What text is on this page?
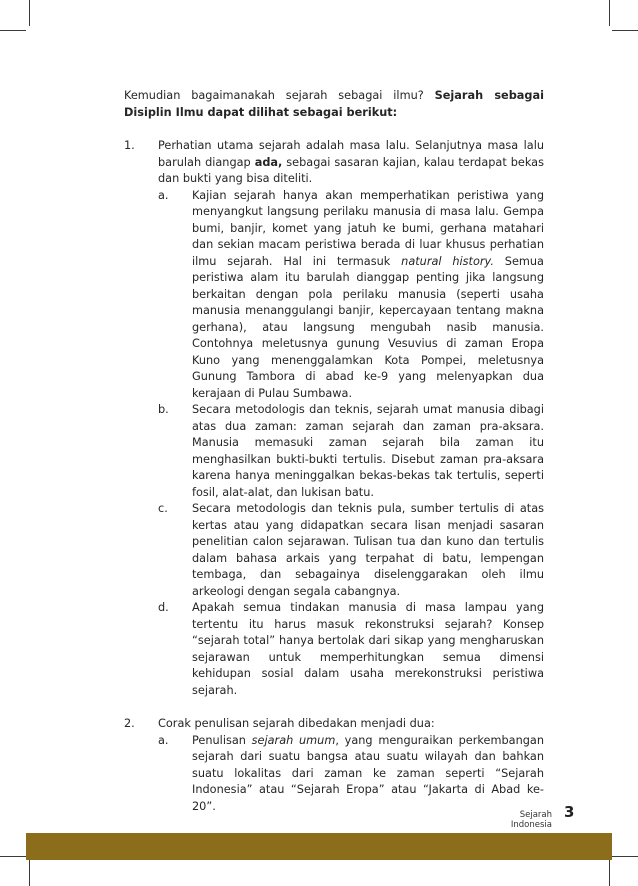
Kemudian bagaimanakah sejarah sebagai ilmu? Sejarah sebagai Disiplin Ilmu dapat dilihat sebagai berikut:

1.	Perhatian utama sejarah adalah masa lalu. Selanjutnya masa lalu barulah diangap ada, sebagai sasaran kajian, kalau terdapat bekas dan bukti yang bisa diteliti.
a.	Kajian sejarah hanya akan memperhatikan peristiwa yang menyangkut langsung perilaku manusia di masa lalu. Gempa bumi, banjir, komet yang jatuh ke bumi, gerhana matahari dan sekian macam peristiwa berada di luar khusus perhatian ilmu sejarah. Hal ini termasuk natural history. Semua peristiwa alam itu barulah dianggap penting jika langsung berkaitan dengan pola perilaku manusia (seperti usaha manusia menanggulangi banjir, kepercayaan tentang makna gerhana), atau langsung mengubah nasib manusia. Contohnya meletusnya gunung Vesuvius di zaman Eropa Kuno yang menenggalamkan Kota Pompei, meletusnya Gunung Tambora di abad ke-9 yang melenyapkan dua kerajaan di Pulau Sumbawa.
b.	Secara metodologis dan teknis, sejarah umat manusia dibagi atas dua zaman: zaman sejarah dan zaman pra-aksara. Manusia memasuki zaman sejarah bila zaman itu menghasilkan bukti-bukti tertulis. Disebut zaman pra-aksara karena hanya meninggalkan bekas-bekas tak tertulis, seperti fosil, alat-alat, dan lukisan batu.
c.	Secara metodologis dan teknis pula, sumber tertulis di atas kertas atau yang didapatkan secara lisan menjadi sasaran penelitian calon sejarawan. Tulisan tua dan kuno dan tertulis dalam bahasa arkais yang terpahat di batu, lempengan tembaga, dan sebagainya diselenggarakan oleh ilmu arkeologi dengan segala cabangnya.
d.	Apakah semua tindakan manusia di masa lampau yang tertentu itu harus masuk rekonstruksi sejarah? Konsep “sejarah total” hanya bertolak dari sikap yang mengharuskan sejarawan untuk memperhitungkan semua dimensi kehidupan sosial dalam usaha merekonstruksi peristiwa sejarah.
2.	Corak penulisan sejarah dibedakan menjadi dua:
a.	Penulisan sejarah umum, yang menguraikan perkembangan sejarah dari suatu bangsa atau suatu wilayah dan bahkan suatu lokalitas dari zaman ke zaman seperti “Sejarah Indonesia” atau “Sejarah Eropa” atau “Jakarta di Abad ke-20”.
Sejarah Indonesia
3
